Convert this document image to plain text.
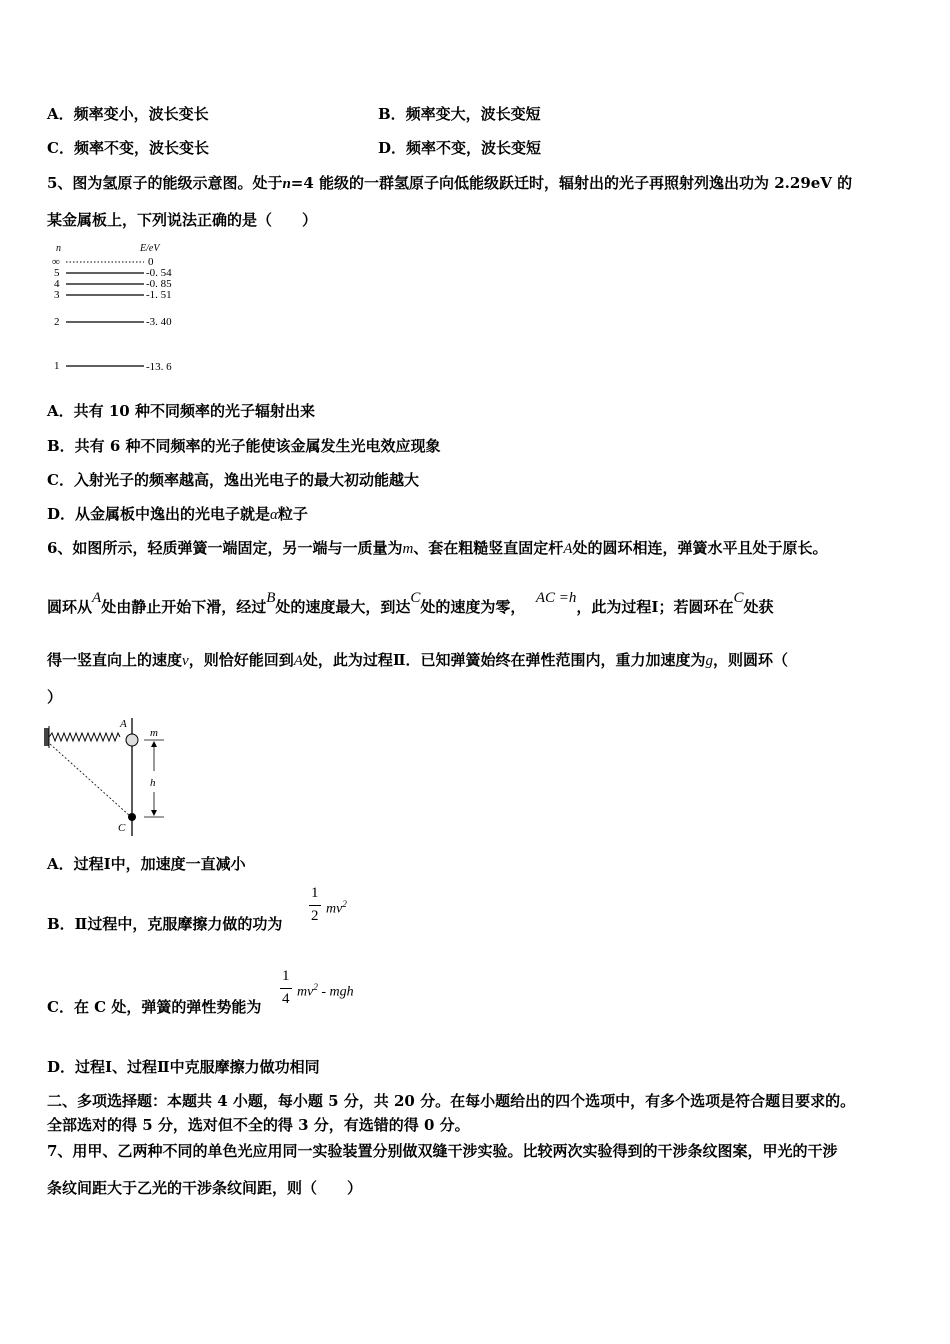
A．频率变小，波长变长	B．频率变大，波长变短
C．频率不变，波长变长	D．频率不变，波长变短
5、图为氢原子的能级示意图。处于n=4 能级的一群氢原子向低能级跃迁时，辐射出的光子再照射列逸出功为 2.29eV 的
某金属板上，下列说法正确的是（　　）
n	E/eV
∞	0
5	-0. 54
4	-0. 85
3	-1. 51
2	-3. 40
1	-13. 6
A．共有 10 种不同频率的光子辐射出来
B．共有 6 种不同频率的光子能使该金属发生光电效应现象
C．入射光子的频率越高，逸出光电子的最大初动能越大
D．从金属板中逸出的光电子就是α粒子
6、如图所示，轻质弹簧一端固定，另一端与一质量为m、套在粗糙竖直固定杆A处的圆环相连，弹簧水平且处于原长。
圆环从A处由静止开始下滑，经过B处的速度最大，到达C处的速度为零， AC =h，此为过程Ⅰ；若圆环在C处获
得一竖直向上的速度v，则恰好能回到A处，此为过程Ⅱ．已知弹簧始终在弹性范围内，重力加速度为g，则圆环（
）
A
C
m
h
A．过程Ⅰ中，加速度一直减小
B．Ⅱ过程中，克服摩擦力做的功为
1
2 $mv^2$
C．在 C 处，弹簧的弹性势能为
1
4 $mv^2$ - mgh
D．过程Ⅰ、过程Ⅱ中克服摩擦力做功相同
二、多项选择题：本题共 4 小题，每小题 5 分，共 20 分。在每小题给出的四个选项中，有多个选项是符合题目要求的。
全部选对的得 5 分，选对但不全的得 3 分，有选错的得 0 分。
7、用甲、乙两种不同的单色光应用同一实验装置分别做双缝干涉实验。比较两次实验得到的干涉条纹图案，甲光的干涉
条纹间距大于乙光的干涉条纹间距，则（　　）
